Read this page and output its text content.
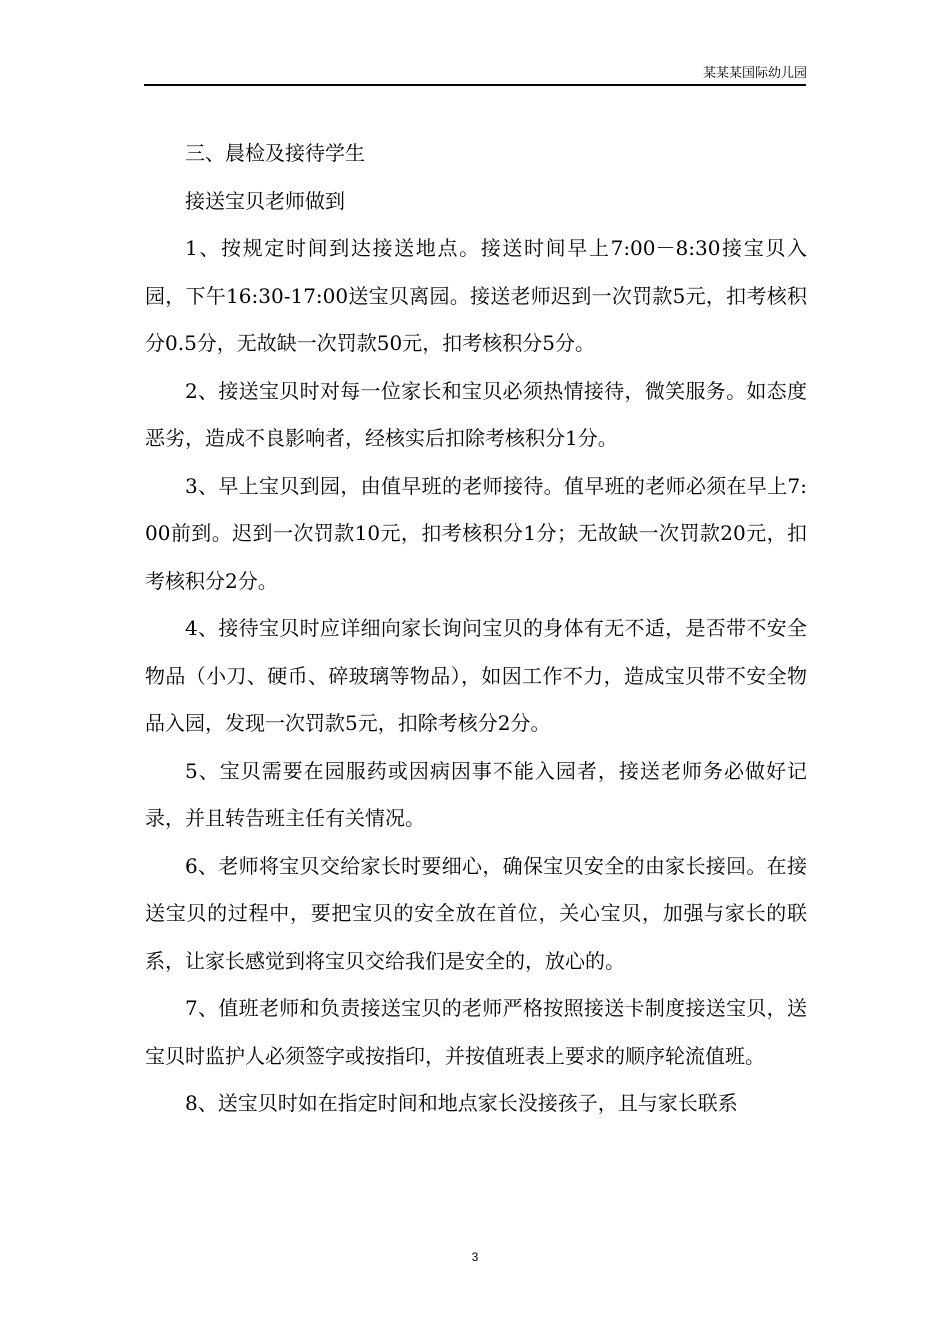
某某某国际幼儿园

三、晨检及接待学生

接送宝贝老师做到

1、按规定时间到达接送地点。接送时间早上7:00－8:30接宝贝入园，下午16:30-17:00送宝贝离园。接送老师迟到一次罚款5元，扣考核积分0.5分，无故缺一次罚款50元，扣考核积分5分。

2、接送宝贝时对每一位家长和宝贝必须热情接待，微笑服务。如态度恶劣，造成不良影响者，经核实后扣除考核积分1分。

3、早上宝贝到园，由值早班的老师接待。值早班的老师必须在早上7:00前到。迟到一次罚款10元，扣考核积分1分；无故缺一次罚款20元，扣考核积分2分。

4、接待宝贝时应详细向家长询问宝贝的身体有无不适，是否带不安全物品（小刀、硬币、碎玻璃等物品），如因工作不力，造成宝贝带不安全物品入园，发现一次罚款5元，扣除考核分2分。

5、宝贝需要在园服药或因病因事不能入园者，接送老师务必做好记录，并且转告班主任有关情况。

6、老师将宝贝交给家长时要细心，确保宝贝安全的由家长接回。在接送宝贝的过程中，要把宝贝的安全放在首位，关心宝贝，加强与家长的联系，让家长感觉到将宝贝交给我们是安全的，放心的。

7、值班老师和负责接送宝贝的老师严格按照接送卡制度接送宝贝，送宝贝时监护人必须签字或按指印，并按值班表上要求的顺序轮流值班。

8、送宝贝时如在指定时间和地点家长没接孩子，且与家长联系

3
